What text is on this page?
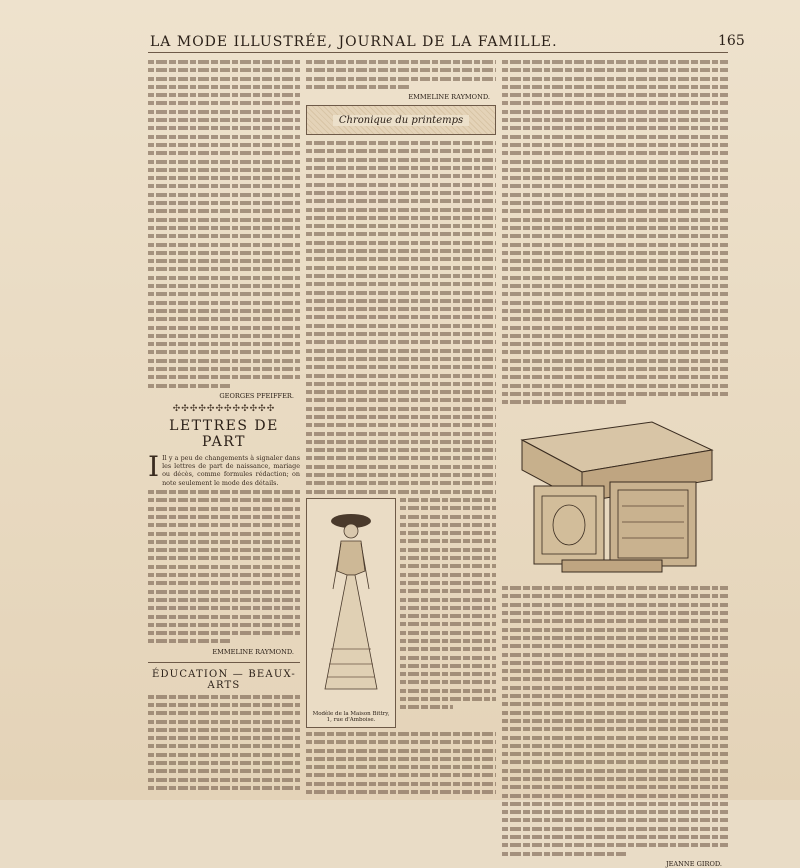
LA MODE ILLUSTRÉE, JOURNAL DE LA FAMILLE.	165
GEORGES PFEIFFER.
✣✣✣✣✣✣✣✣✣✣✣✣
LETTRES DE PART
I Il y a peu de changements à signaler dans les lettres de part de naissance, mariage ou décès, comme formules rédaction; on note seulement le mode des détails.
EMMELINE RAYMOND.
ÉDUCATION — BEAUX-ARTS
EMMELINE RAYMOND.
Chronique du printemps
Modèle de la Maison Bittry, 1, rue d'Amboise.
JEANNE GIROD.
